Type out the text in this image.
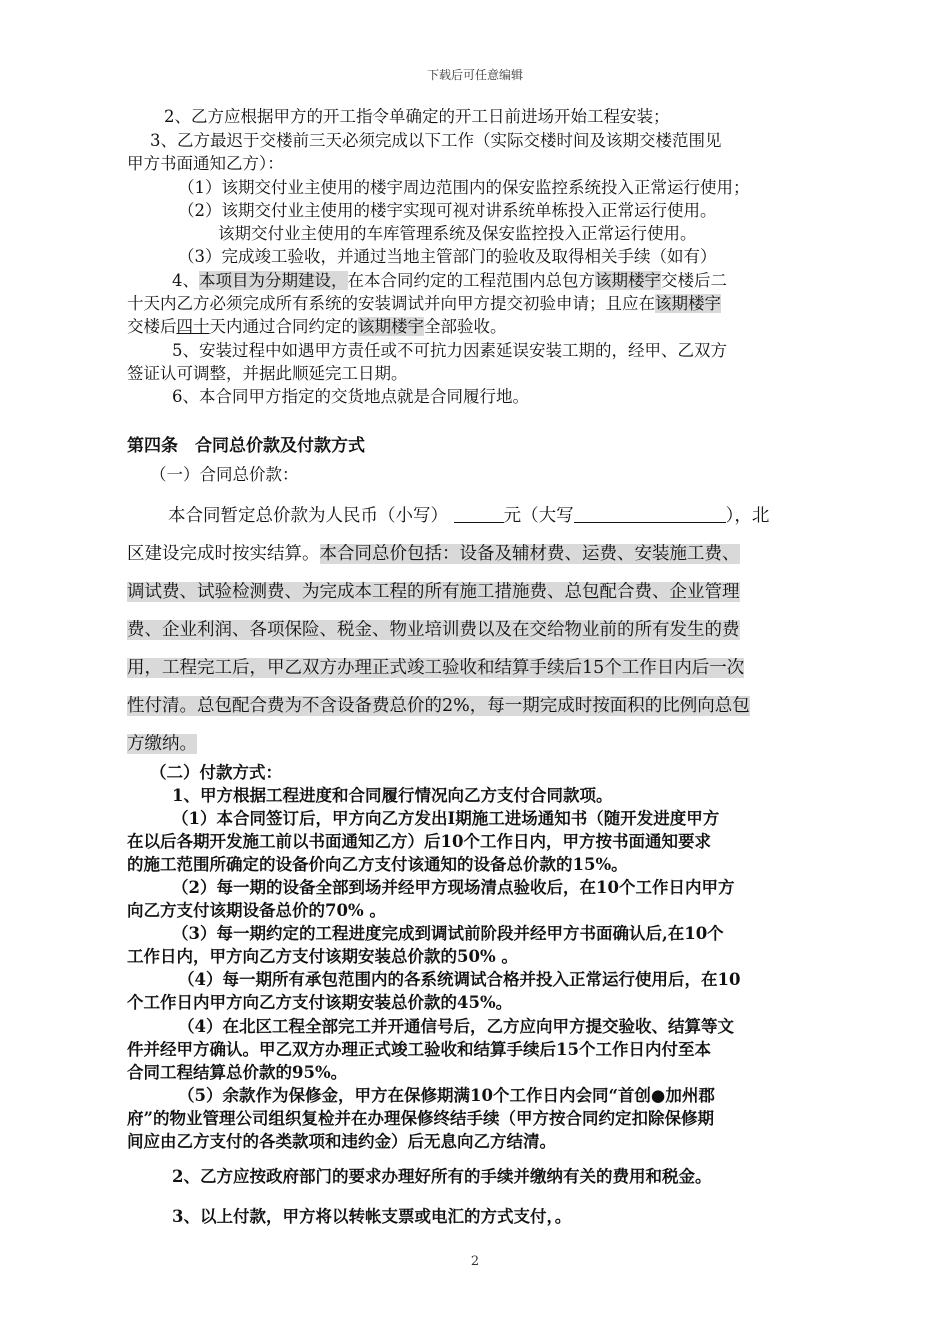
下载后可任意编辑
2、乙方应根据甲方的开工指令单确定的开工日前进场开始工程安装；
3、乙方最迟于交楼前三天必须完成以下工作（实际交楼时间及该期交楼范围见
甲方书面通知乙方）：
（1）该期交付业主使用的楼宇周边范围内的保安监控系统投入正常运行使用；
（2）该期交付业主使用的楼宇实现可视对讲系统单栋投入正常运行使用。
该期交付业主使用的车库管理系统及保安监控投入正常运行使用。
（3）完成竣工验收，并通过当地主管部门的验收及取得相关手续（如有）
4、本项目为分期建设，在本合同约定的工程范围内总包方该期楼宇交楼后二
十天内乙方必须完成所有系统的安装调试并向甲方提交初验申请；且应在该期楼宇
交楼后四十天内通过合同约定的该期楼宇全部验收。
5、安装过程中如遇甲方责任或不可抗力因素延误安装工期的，经甲、乙双方
签证认可调整，并据此顺延完工日期。
6、本合同甲方指定的交货地点就是合同履行地。
第四条　合同总价款及付款方式
（一）合同总价款：
本合同暂定总价款为人民币（小写）	元（大写	），北
区建设完成时按实结算。本合同总价包括：设备及辅材费、运费、安装施工费、
调试费、试验检测费、为完成本工程的所有施工措施费、总包配合费、企业管理
费、企业利润、各项保险、税金、物业培训费以及在交给物业前的所有发生的费
用，工程完工后，甲乙双方办理正式竣工验收和结算手续后15个工作日内后一次
性付清。总包配合费为不含设备费总价的2%，每一期完成时按面积的比例向总包
方缴纳。
（二）付款方式：
1、甲方根据工程进度和合同履行情况向乙方支付合同款项。
（1）本合同签订后，甲方向乙方发出Ⅰ期施工进场通知书（随开发进度甲方
在以后各期开发施工前以书面通知乙方）后10个工作日内，甲方按书面通知要求
的施工范围所确定的设备价向乙方支付该通知的设备总价款的15%。
（2）每一期的设备全部到场并经甲方现场清点验收后，在10个工作日内甲方
向乙方支付该期设备总价的70% 。
（3）每一期约定的工程进度完成到调试前阶段并经甲方书面确认后,在10个
工作日内，甲方向乙方支付该期安装总价款的50% 。
（4）每一期所有承包范围内的各系统调试合格并投入正常运行使用后，在10
个工作日内甲方向乙方支付该期安装总价款的45%。
（4）在北区工程全部完工并开通信号后，乙方应向甲方提交验收、结算等文
件并经甲方确认。甲乙双方办理正式竣工验收和结算手续后15个工作日内付至本
合同工程结算总价款的95%。
（5）余款作为保修金，甲方在保修期满10个工作日内会同“首创●加州郡
府”的物业管理公司组织复检并在办理保修终结手续（甲方按合同约定扣除保修期
间应由乙方支付的各类款项和违约金）后无息向乙方结清。
2、乙方应按政府部门的要求办理好所有的手续并缴纳有关的费用和税金。
3、以上付款，甲方将以转帐支票或电汇的方式支付，。
2
